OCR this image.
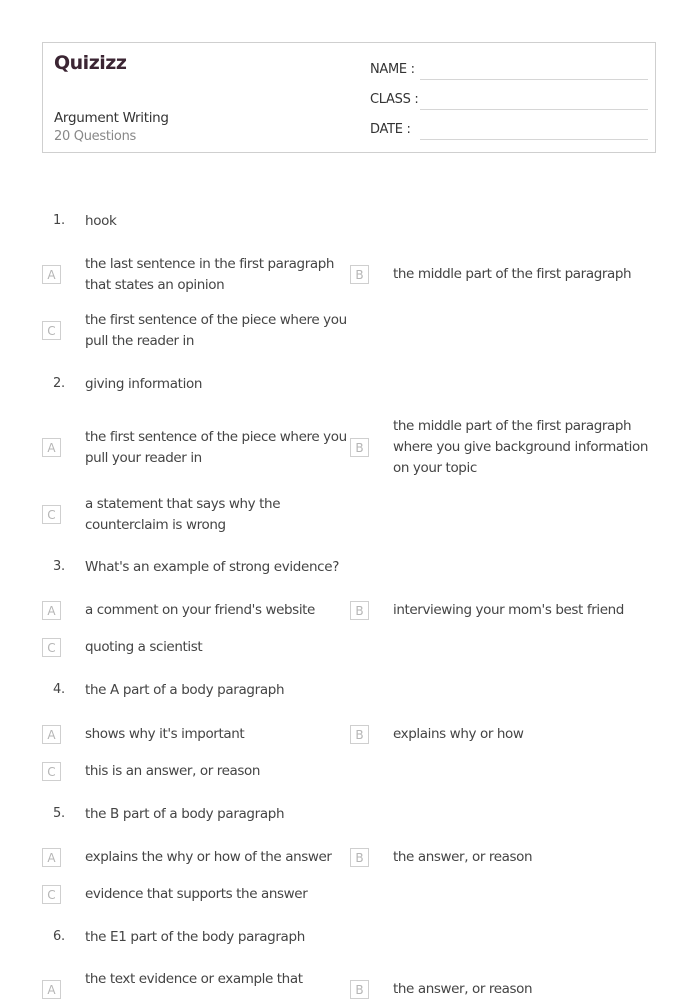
Quizizz
Argument Writing
20 Questions
NAME :
CLASS :
DATE :
1. hook
A
the last sentence in the first paragraph that states an opinion
B	the middle part of the first paragraph
C
the first sentence of the piece where you pull the reader in
2. giving information
A
the first sentence of the piece where you pull your reader in
B
the middle part of the first paragraph where you give background information on your topic
C
a statement that says why the counterclaim is wrong
3. What's an example of strong evidence?
A	a comment on your friend's website	B	interviewing your mom's best friend
C	quoting a scientist
4. the A part of a body paragraph
A	shows why it's important	B	explains why or how
C	this is an answer, or reason
5. the B part of a body paragraph
A	explains the why or how of the answer	B	the answer, or reason
C	evidence that supports the answer
6. the E1 part of the body paragraph
A
the text evidence or example that
B	the answer, or reason
